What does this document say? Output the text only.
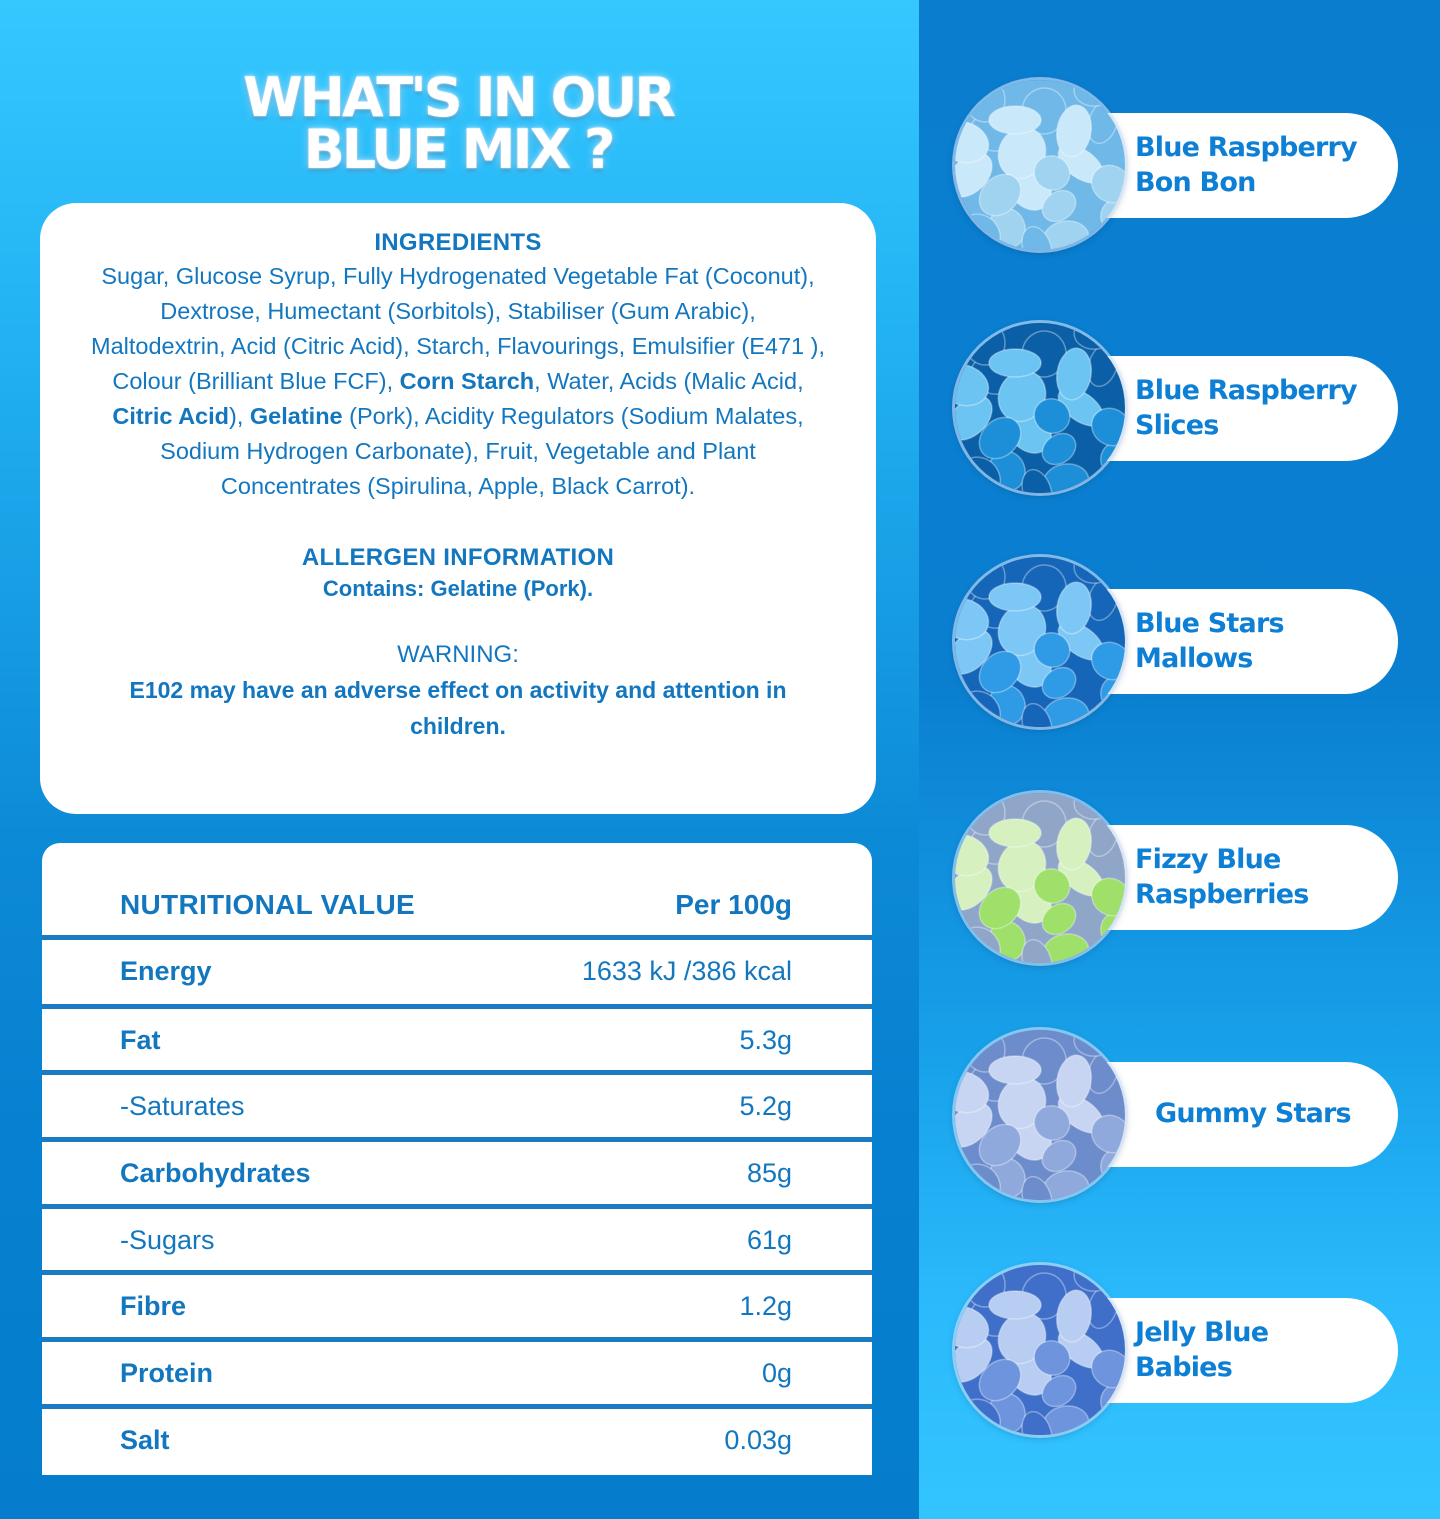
WHAT'S IN OUR
BLUE MIX ?
INGREDIENTS

Sugar, Glucose Syrup, Fully Hydrogenated Vegetable Fat (Coconut), Dextrose, Humectant (Sorbitols), Stabiliser (Gum Arabic), Maltodextrin, Acid (Citric Acid), Starch, Flavourings, Emulsifier (E471 ), Colour (Brilliant Blue FCF), Corn Starch, Water, Acids (Malic Acid, Citric Acid), Gelatine (Pork), Acidity Regulators (Sodium Malates, Sodium Hydrogen Carbonate), Fruit, Vegetable and Plant Concentrates (Spirulina, Apple, Black Carrot).

ALLERGEN INFORMATION
Contains: Gelatine (Pork).
WARNING:
E102 may have an adverse effect on activity and attention in children.
NUTRITIONAL VALUE	Per 100g
Energy	1633 kJ /386 kcal
Fat	5.3g
-Saturates	5.2g
Carbohydrates	85g
-Sugars	61g
Fibre	1.2g
Protein	0g
Salt	0.03g
Blue Raspberry
Bon Bon
Blue Raspberry
Slices
Blue Stars
Mallows
Fizzy Blue
Raspberries
Gummy Stars
Jelly Blue
Babies
